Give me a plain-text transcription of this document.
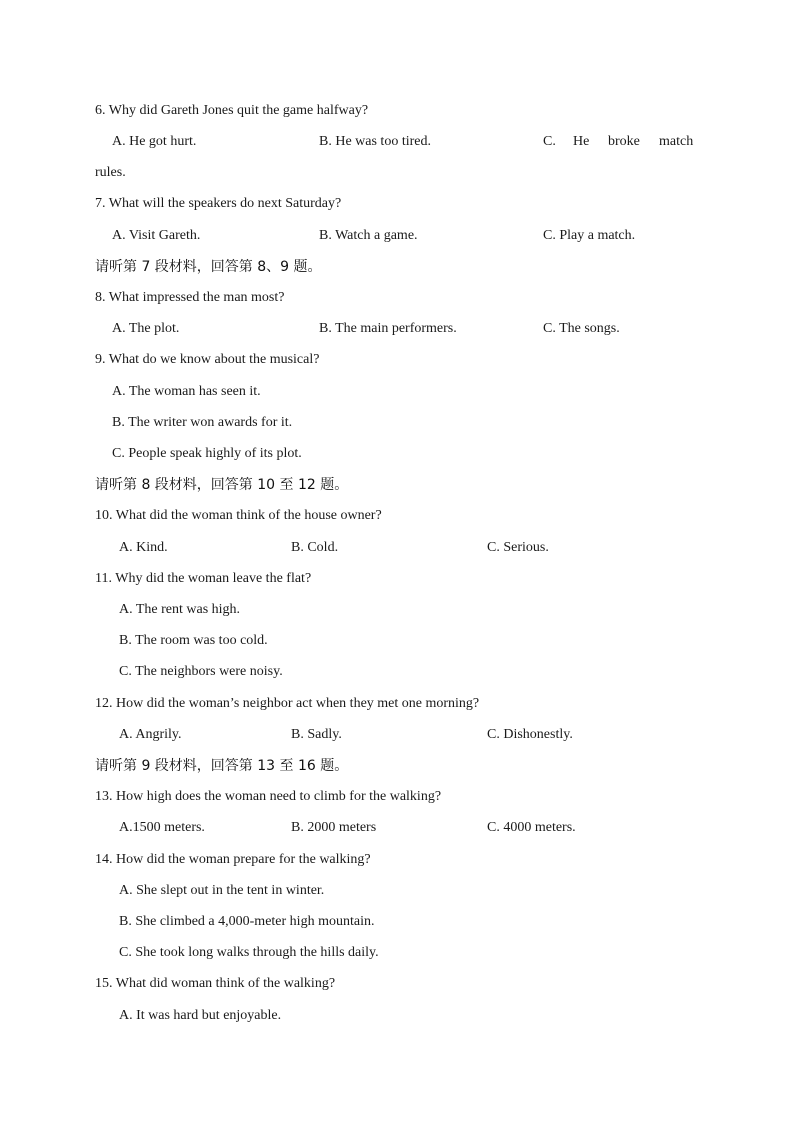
6. Why did Gareth Jones quit the game halfway?
A. He got hurt.	B. He was too tired.	C. He broke match
rules.
7. What will the speakers do next Saturday?
A. Visit Gareth.	B. Watch a game.	C. Play a match.
请听第 7 段材料，回答第 8、9 题。
8. What impressed the man most?
A. The plot.	B. The main performers.	C. The songs.
9. What do we know about the musical?
A. The woman has seen it.
B. The writer won awards for it.
C. People speak highly of its plot.
请听第 8 段材料，回答第 10 至 12 题。
10. What did the woman think of the house owner?
A. Kind.	B. Cold.	C. Serious.
11. Why did the woman leave the flat?
A. The rent was high.
B. The room was too cold.
C. The neighbors were noisy.
12. How did the woman’s neighbor act when they met one morning?
A. Angrily.	B. Sadly.	C. Dishonestly.
请听第 9 段材料，回答第 13 至 16 题。
13. How high does the woman need to climb for the walking?
A.1500 meters.	B. 2000 meters	C. 4000 meters.
14. How did the woman prepare for the walking?
A. She slept out in the tent in winter.
B. She climbed a 4,000-meter high mountain.
C. She took long walks through the hills daily.
15. What did woman think of the walking?
A. It was hard but enjoyable.
